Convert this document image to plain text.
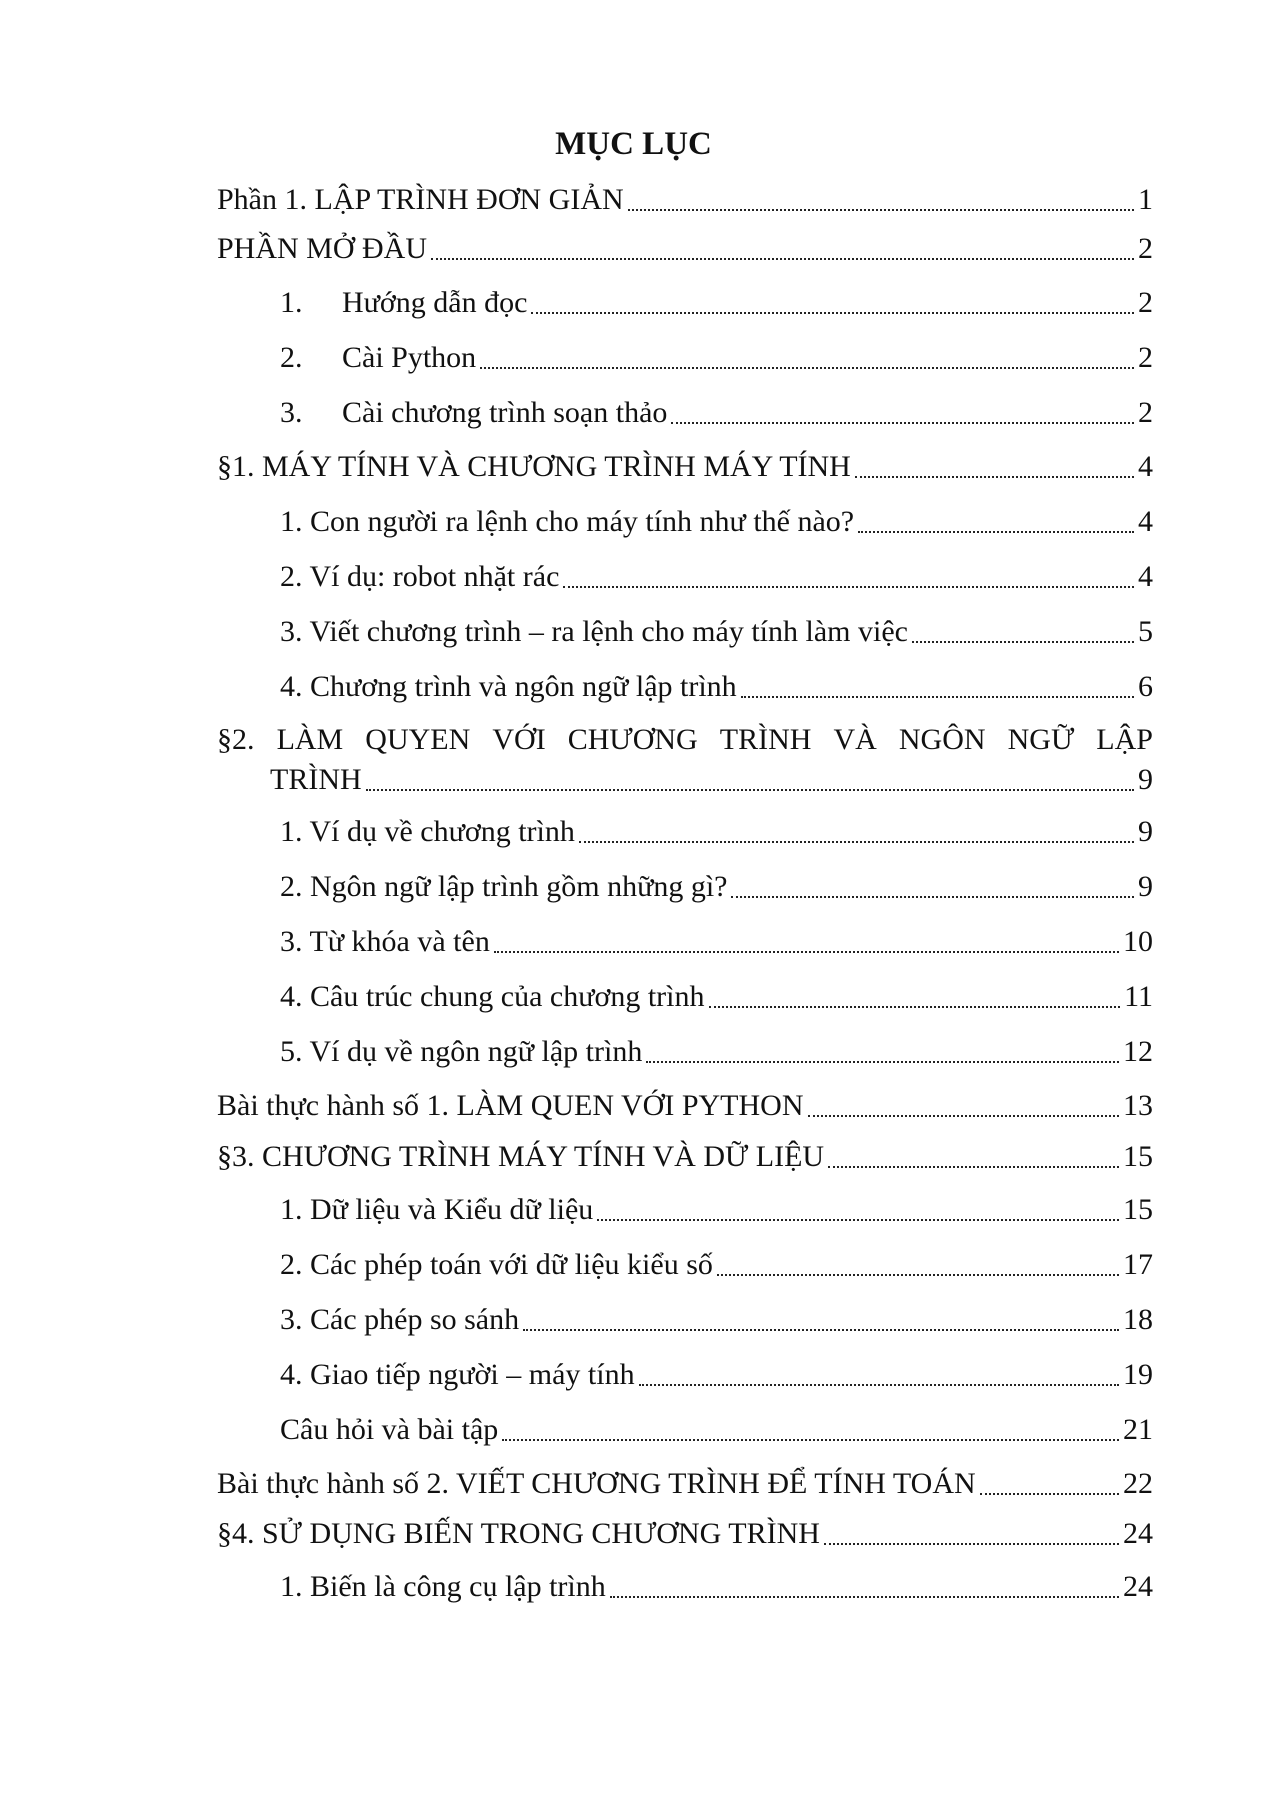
MỤC LỤC
Phần 1. LẬP TRÌNH ĐƠN GIẢN	1
PHẦN MỞ ĐẦU	2
1. Hướng dẫn đọc	2
2. Cài Python	2
3. Cài chương trình soạn thảo	2
§1. MÁY TÍNH VÀ CHƯƠNG TRÌNH MÁY TÍNH	4
1. Con người ra lệnh cho máy tính như thế nào?	4
2. Ví dụ: robot nhặt rác	4
3. Viết chương trình – ra lệnh cho máy tính làm việc	5
4. Chương trình và ngôn ngữ lập trình	6
§2. LÀM QUYEN VỚI CHƯƠNG TRÌNH VÀ NGÔN NGỮ LẬP
TRÌNH	9
1. Ví dụ về chương trình	9
2. Ngôn ngữ lập trình gồm những gì?	9
3. Từ khóa và tên	10
4. Câu trúc chung của chương trình	11
5. Ví dụ về ngôn ngữ lập trình	12
Bài thực hành số 1. LÀM QUEN VỚI PYTHON	13
§3. CHƯƠNG TRÌNH MÁY TÍNH VÀ DỮ LIỆU	15
1. Dữ liệu và Kiểu dữ liệu	15
2. Các phép toán với dữ liệu kiểu số	17
3. Các phép so sánh	18
4. Giao tiếp người – máy tính	19
Câu hỏi và bài tập	21
Bài thực hành số 2. VIẾT CHƯƠNG TRÌNH ĐỂ TÍNH TOÁN	22
§4. SỬ DỤNG BIẾN TRONG CHƯƠNG TRÌNH	24
1. Biến là công cụ lập trình	24
